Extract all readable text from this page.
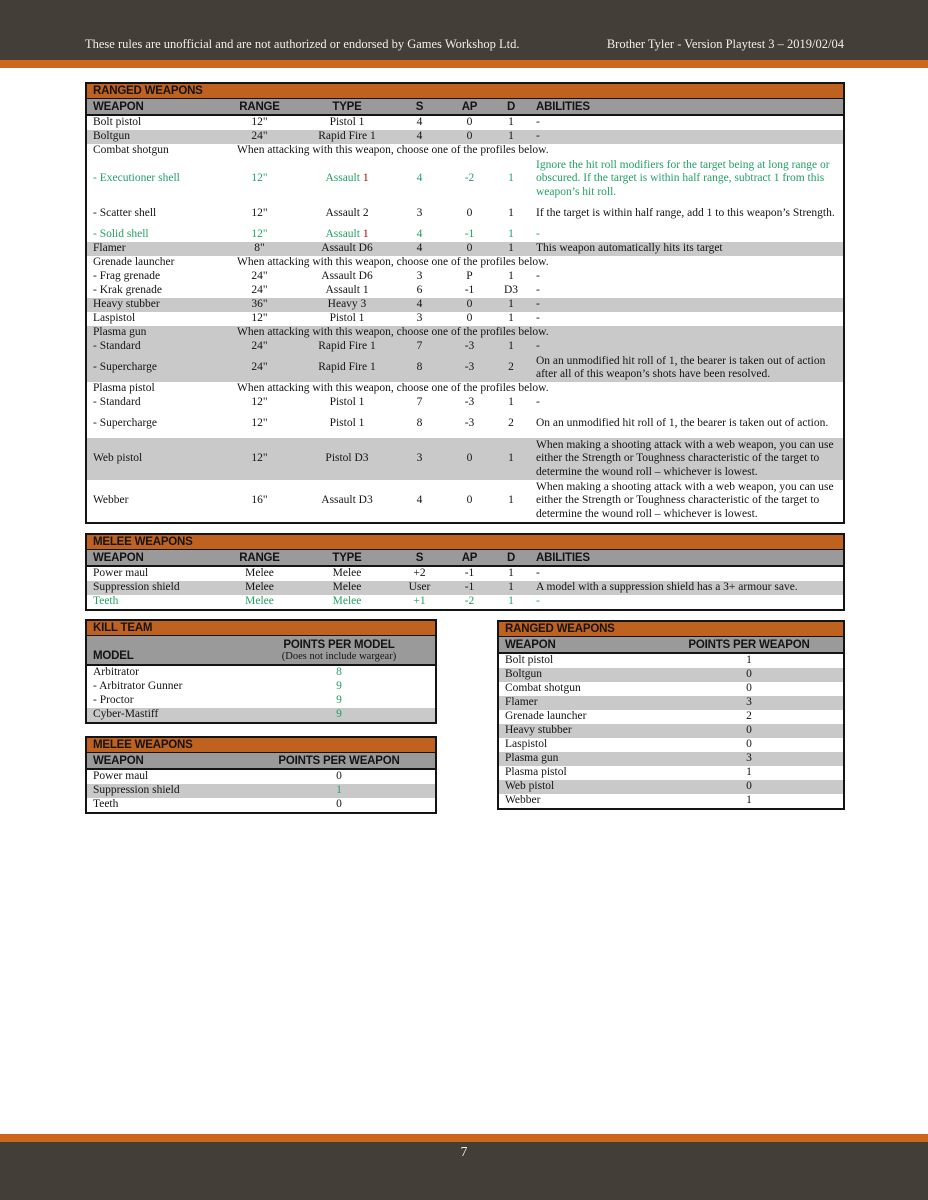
These rules are unofficial and are not authorized or endorsed by Games Workshop Ltd.	Brother Tyler - Version Playtest 3 – 2019/02/04
RANGED WEAPONS
WEAPON	RANGE	TYPE	S	AP	D	ABILITIES
Bolt pistol	12"	Pistol 1	4	0	1	-
Boltgun	24"	Rapid Fire 1	4	0	1	-
Combat shotgun	When attacking with this weapon, choose one of the profiles below.					
- Executioner shell	12"	Assault 1	4	-2	1	Ignore the hit roll modifiers for the target being at long range or obscured. If the target is within half range, subtract 1 from this weapon’s hit roll.
- Scatter shell	12"	Assault 2	3	0	1	If the target is within half range, add 1 to this weapon’s Strength.
- Solid shell	12"	Assault 1	4	-1	1	-
Flamer	8"	Assault D6	4	0	1	This weapon automatically hits its target
Grenade launcher	When attacking with this weapon, choose one of the profiles below.					
- Frag grenade	24"	Assault D6	3	P	1	-
- Krak grenade	24"	Assault 1	6	-1	D3	-
Heavy stubber	36"	Heavy 3	4	0	1	-
Laspistol	12"	Pistol 1	3	0	1	-
Plasma gun	When attacking with this weapon, choose one of the profiles below.					
- Standard	24"	Rapid Fire 1	7	-3	1	-
- Supercharge	24"	Rapid Fire 1	8	-3	2	On an unmodified hit roll of 1, the bearer is taken out of action after all of this weapon’s shots have been resolved.
Plasma pistol	When attacking with this weapon, choose one of the profiles below.					
- Standard	12"	Pistol 1	7	-3	1	-
- Supercharge	12"	Pistol 1	8	-3	2	On an unmodified hit roll of 1, the bearer is taken out of action.
Web pistol	12"	Pistol D3	3	0	1	When making a shooting attack with a web weapon, you can use either the Strength or Toughness characteristic of the target to determine the wound roll – whichever is lowest.
Webber	16"	Assault D3	4	0	1	When making a shooting attack with a web weapon, you can use either the Strength or Toughness characteristic of the target to determine the wound roll – whichever is lowest.
MELEE WEAPONS
WEAPON	RANGE	TYPE	S	AP	D	ABILITIES
Power maul	Melee	Melee	+2	-1	1	-
Suppression shield	Melee	Melee	User	-1	1	A model with a suppression shield has a 3+ armour save.
Teeth	Melee	Melee	+1	-2	1	-
KILL TEAM
MODEL	POINTS PER MODEL
(Does not include wargear)

Arbitrator	8
- Arbitrator Gunner	9
- Proctor	9
Cyber-Mastiff	9
MELEE WEAPONS
WEAPON	POINTS PER WEAPON
Power maul	0
Suppression shield	1
Teeth	0
RANGED WEAPONS
WEAPON	POINTS PER WEAPON
Bolt pistol	1
Boltgun	0
Combat shotgun	0
Flamer	3
Grenade launcher	2
Heavy stubber	0
Laspistol	0
Plasma gun	3
Plasma pistol	1
Web pistol	0
Webber	1
7
